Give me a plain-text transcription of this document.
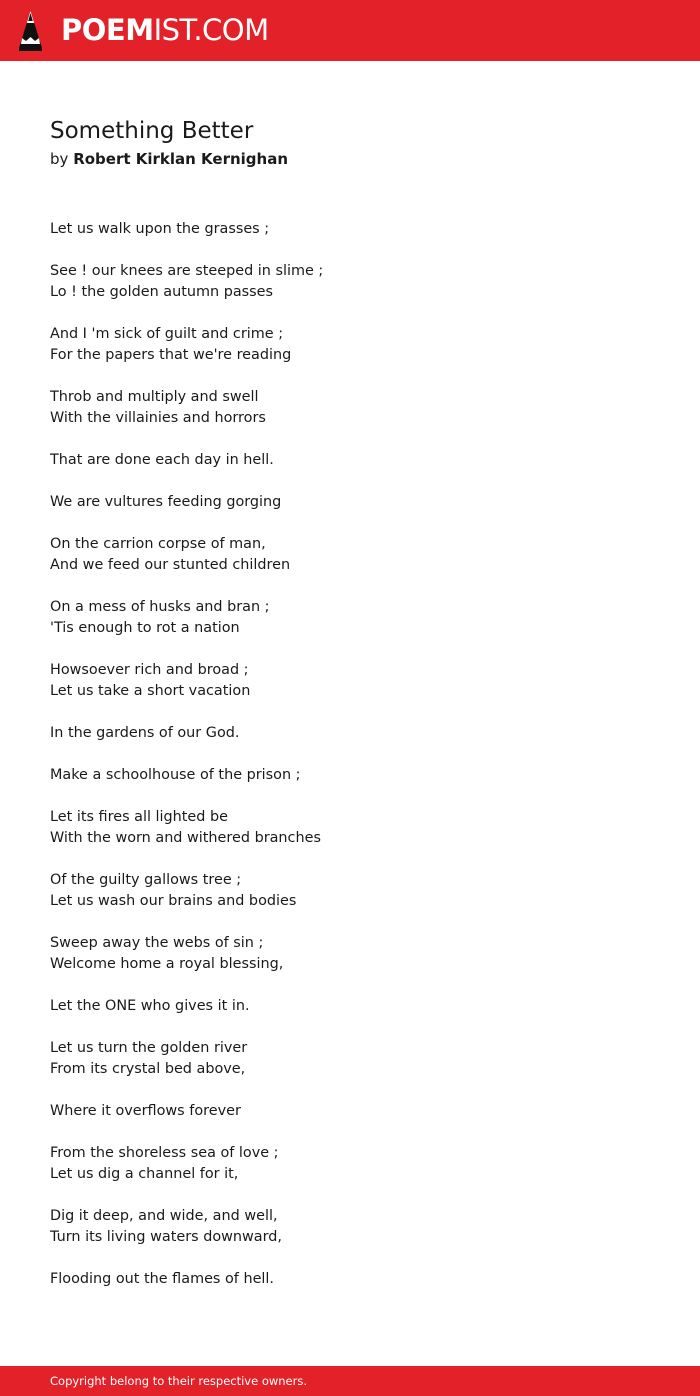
POEMIST.COM
Something Better
by Robert Kirklan Kernighan
Let us walk upon the grasses ;
See ! our knees are steeped in slime ;
Lo ! the golden autumn passes
And I 'm sick of guilt and crime ;
For the papers that we're reading
Throb and multiply and swell
With the villainies and horrors
That are done each day in hell.
We are vultures feeding gorging
On the carrion corpse of man,
And we feed our stunted children
On a mess of husks and bran ;
'Tis enough to rot a nation
Howsoever rich and broad ;
Let us take a short vacation
In the gardens of our God.
Make a schoolhouse of the prison ;
Let its fires all lighted be
With the worn and withered branches
Of the guilty gallows tree ;
Let us wash our brains and bodies
Sweep away the webs of sin ;
Welcome home a royal blessing,
Let the ONE who gives it in.
Let us turn the golden river
From its crystal bed above,
Where it overflows forever
From the shoreless sea of love ;
Let us dig a channel for it,
Dig it deep, and wide, and well,
Turn its living waters downward,
Flooding out the flames of hell.
Copyright belong to their respective owners.
